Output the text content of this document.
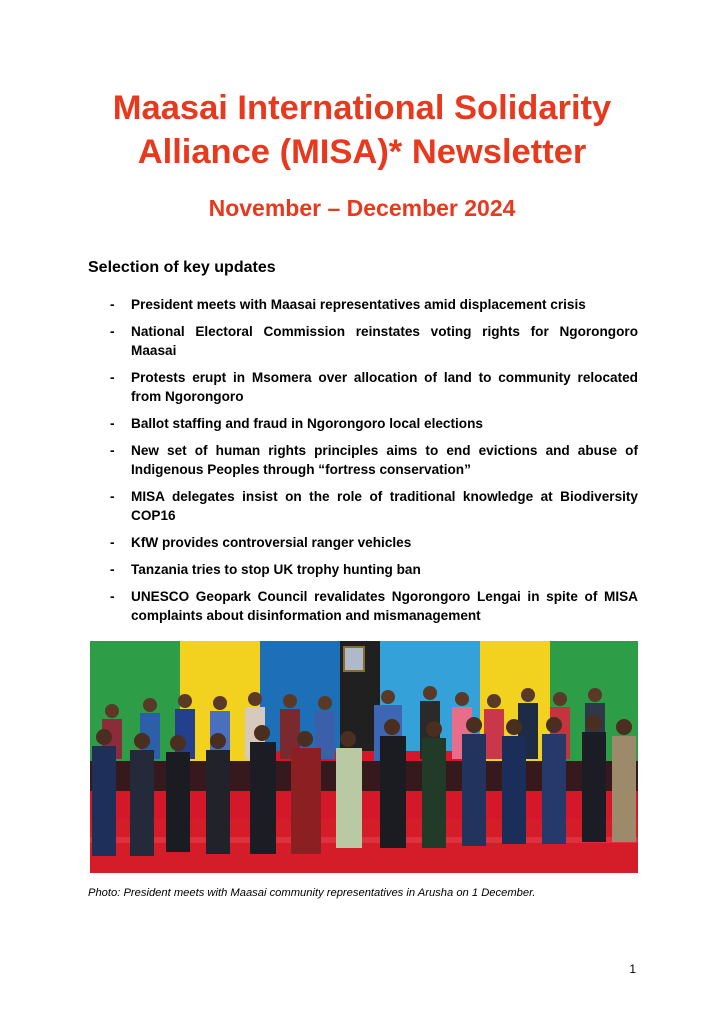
Maasai International Solidarity
Alliance (MISA)* Newsletter
November – December 2024
Selection of key updates
- President meets with Maasai representatives amid displacement crisis
- National Electoral Commission reinstates voting rights for Ngorongoro Maasai
- Protests erupt in Msomera over allocation of land to community relocated from Ngorongoro
- Ballot staffing and fraud in Ngorongoro local elections
- New set of human rights principles aims to end evictions and abuse of Indigenous Peoples through “fortress conservation”
- MISA delegates insist on the role of traditional knowledge at Biodiversity COP16
- KfW provides controversial ranger vehicles
- Tanzania tries to stop UK trophy hunting ban
- UNESCO Geopark Council revalidates Ngorongoro Lengai in spite of MISA complaints about disinformation and mismanagement

Photo: President meets with Maasai community representatives in Arusha on 1 December.

1
